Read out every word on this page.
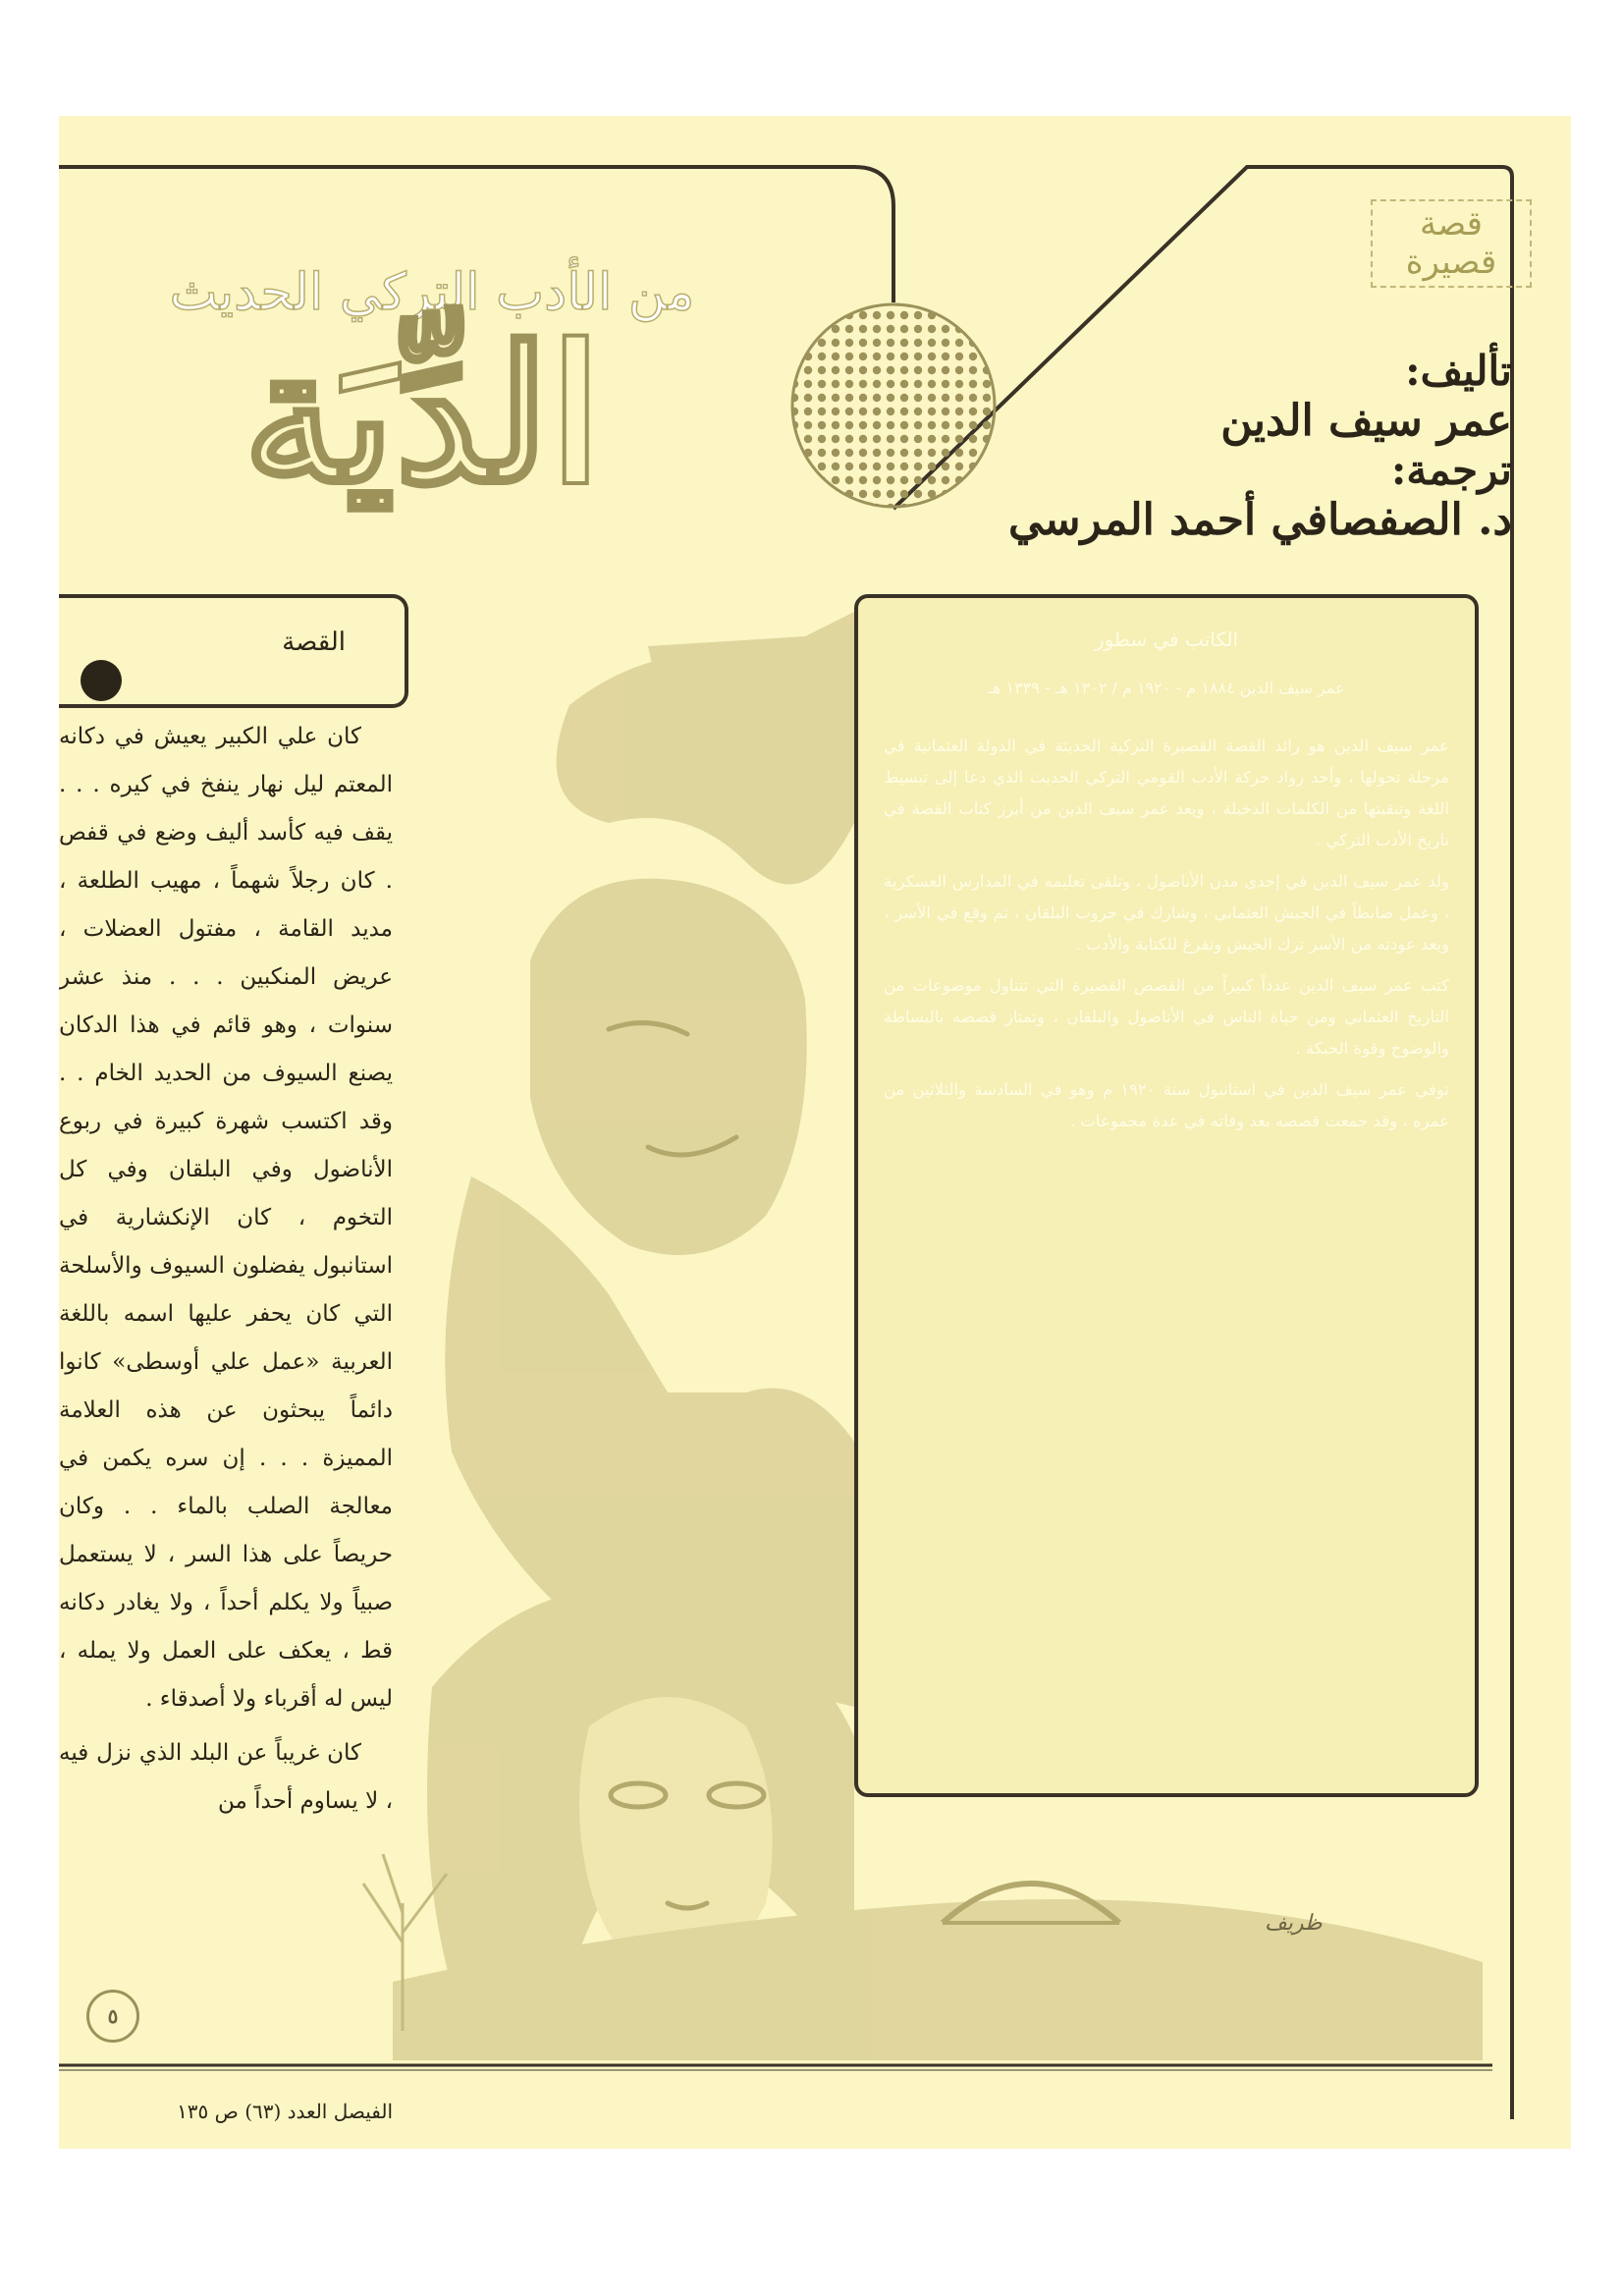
قصة قصيرة
من الأدب التركي الحديث
الدِّيَة	تأليف:
عمر سيف الدين
ترجمة:
د. الصفصافي أحمد المرسي
القصة

كان علي الكبير يعيش في دكانه المعتم ليل نهار ينفخ في كيره . . . يقف فيه كأسد أليف وضع في قفص . كان رجلاً شهماً ، مهيب الطلعة ، مديد القامة ، مفتول العضلات ، عريض المنكبين . . . منذ عشر سنوات ، وهو قائم في هذا الدكان يصنع السيوف من الحديد الخام . . وقد اكتسب شهرة كبيرة في ربوع الأناضول وفي البلقان وفي كل التخوم ، كان الإنكشارية في استانبول يفضلون السيوف والأسلحة التي كان يحفر عليها اسمه باللغة العربية «عمل علي أوسطى» كانوا دائماً يبحثون عن هذه العلامة المميزة . . . إن سره يكمن في معالجة الصلب بالماء . . وكان حريصاً على هذا السر ، لا يستعمل صبياً ولا يكلم أحداً ، ولا يغادر دكانه قط ، يعكف على العمل ولا يمله ، ليس له أقرباء ولا أصدقاء .

كان غريباً عن البلد الذي نزل فيه ، لا يساوم أحداً من

الكاتب في سطور
عمر سيف الدين ١٨٨٤ م - ١٩٢٠ م / ١٣٠٢ هـ - ١٣٣٩ هـ

عمر سيف الدين هو رائد القصة القصيرة التركية الحديثة في الدولة العثمانية في مرحلة تحولها ، وأحد رواد حركة الأدب القومي التركي الحديث الذي دعا إلى تبسيط اللغة وتنقيتها من الكلمات الدخيلة ، ويعد عمر سيف الدين من أبرز كتاب القصة في تاريخ الأدب التركي .

ولد عمر سيف الدين في إحدى مدن الأناضول ، وتلقى تعليمه في المدارس العسكرية ، وعمل ضابطاً في الجيش العثماني ، وشارك في حروب البلقان ، ثم وقع في الأسر ، وبعد عودته من الأسر ترك الجيش وتفرغ للكتابة والأدب .

كتب عمر سيف الدين عدداً كبيراً من القصص القصيرة التي تتناول موضوعات من التاريخ العثماني ومن حياة الناس في الأناضول والبلقان ، وتمتاز قصصه بالبساطة والوضوح وقوة الحبكة .

توفي عمر سيف الدين في استانبول سنة ١٩٢٠ م وهو في السادسة والثلاثين من عمره ، وقد جمعت قصصه بعد وفاته في عدة مجموعات .

ظريف
٥
الفيصل العدد (٦٣) ص ١٣٥
